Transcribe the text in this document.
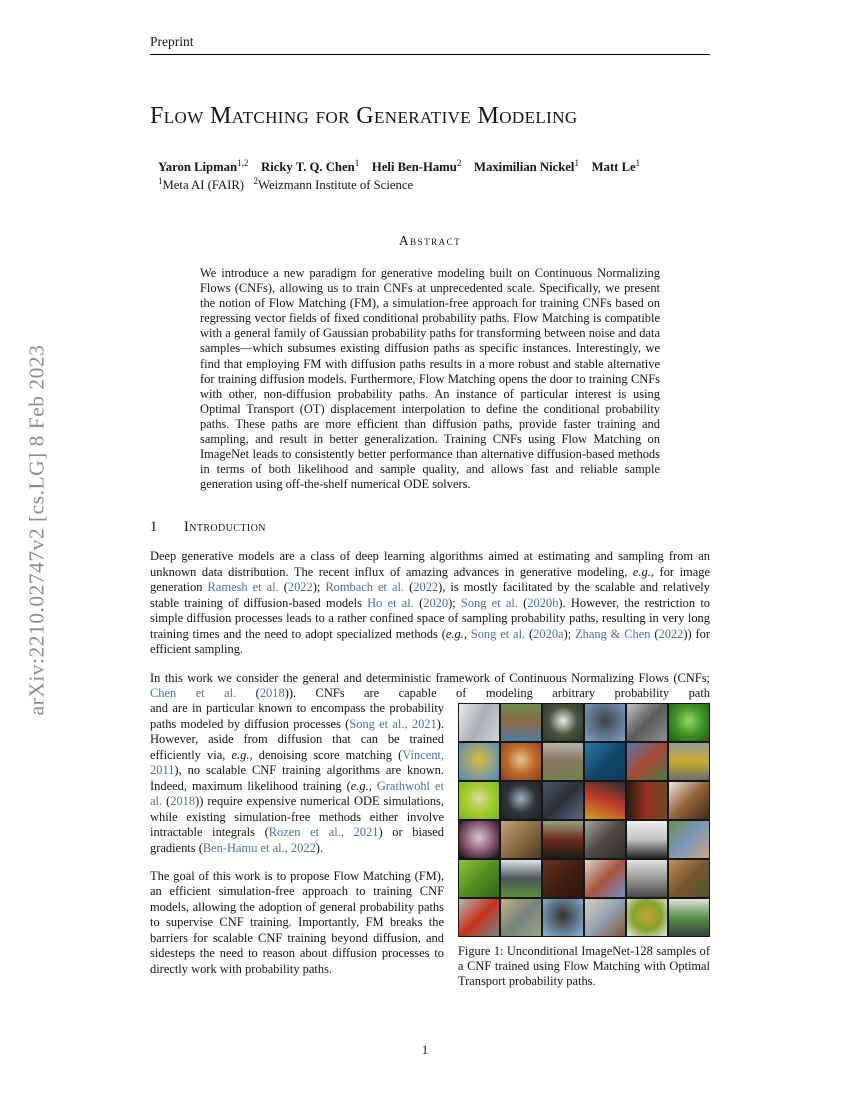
arXiv:2210.02747v2 [cs.LG] 8 Feb 2023
Preprint
Flow Matching for Generative Modeling
Yaron Lipman$^{1,2}$ Ricky T. Q. Chen$^1$ Heli Ben-Hamu$^2$ Maximilian Nickel$^1$ Matt Le$^1$
$^1$Meta AI (FAIR)   $^2$Weizmann Institute of Science
Abstract
We introduce a new paradigm for generative modeling built on Continuous Normalizing Flows (CNFs), allowing us to train CNFs at unprecedented scale. Specifically, we present the notion of Flow Matching (FM), a simulation-free approach for training CNFs based on regressing vector fields of fixed conditional probability paths. Flow Matching is compatible with a general family of Gaussian probability paths for transforming between noise and data samples—which subsumes existing diffusion paths as specific instances. Interestingly, we find that employing FM with diffusion paths results in a more robust and stable alternative for training diffusion models. Furthermore, Flow Matching opens the door to training CNFs with other, non-diffusion probability paths. An instance of particular interest is using Optimal Transport (OT) displacement interpolation to define the conditional probability paths. These paths are more efficient than diffusion paths, provide faster training and sampling, and result in better generalization. Training CNFs using Flow Matching on ImageNet leads to consistently better performance than alternative diffusion-based methods in terms of both likelihood and sample quality, and allows fast and reliable sample generation using off-the-shelf numerical ODE solvers.
1 Introduction
Deep generative models are a class of deep learning algorithms aimed at estimating and sampling from an unknown data distribution. The recent influx of amazing advances in generative modeling, e.g., for image generation Ramesh et al. (2022); Rombach et al. (2022), is mostly facilitated by the scalable and relatively stable training of diffusion-based models Ho et al. (2020); Song et al. (2020b). However, the restriction to simple diffusion processes leads to a rather confined space of sampling probability paths, resulting in very long training times and the need to adopt specialized methods (e.g., Song et al. (2020a); Zhang & Chen (2022)) for efficient sampling.
In this work we consider the general and deterministic framework of Continuous Normalizing Flows (CNFs; Chen et al. (2018)). CNFs are capable of modeling arbitrary probability path
Figure 1: Unconditional ImageNet-128 samples of a CNF trained using Flow Matching with Optimal Transport probability paths.
and are in particular known to encompass the probability paths modeled by diffusion processes (Song et al., 2021). However, aside from diffusion that can be trained efficiently via, e.g., denoising score matching (Vincent, 2011), no scalable CNF training algorithms are known. Indeed, maximum likelihood training (e.g., Grathwohl et al. (2018)) require expensive numerical ODE simulations, while existing simulation-free methods either involve intractable integrals (Rozen et al., 2021) or biased gradients (Ben-Hamu et al., 2022).
The goal of this work is to propose Flow Matching (FM), an efficient simulation-free approach to training CNF models, allowing the adoption of general probability paths to supervise CNF training. Importantly, FM breaks the barriers for scalable CNF training beyond diffusion, and sidesteps the need to reason about diffusion processes to directly work with probability paths.
1
